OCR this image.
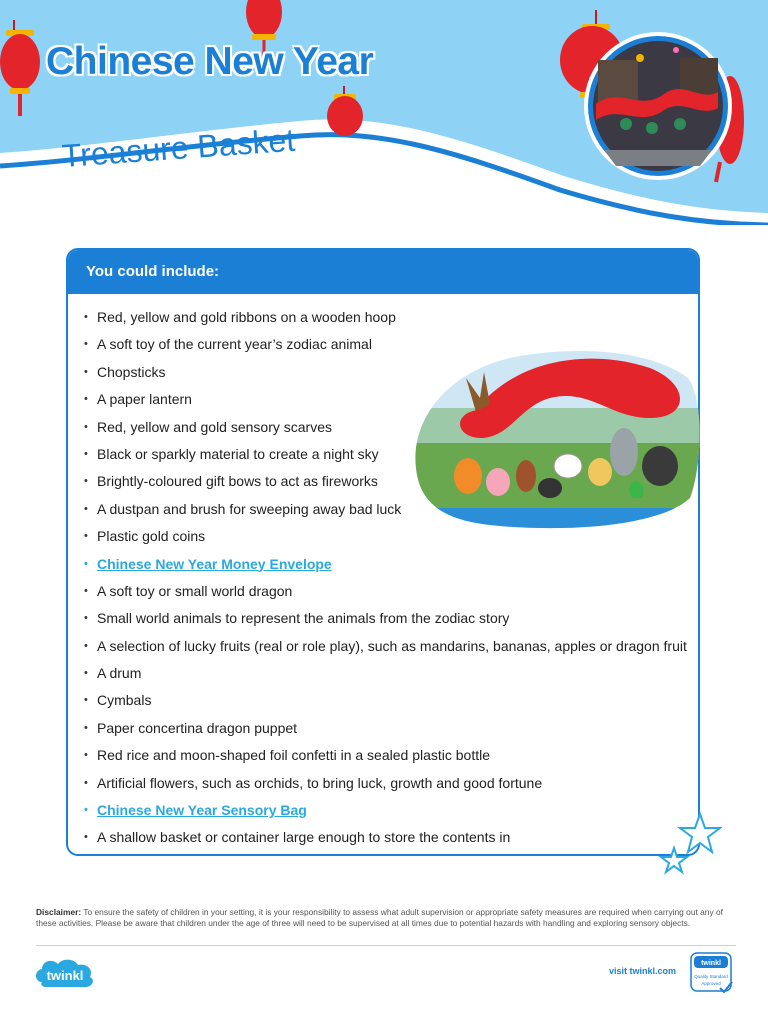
Chinese New Year
Treasure Basket
You could include:
• Red, yellow and gold ribbons on a wooden hoop
• A soft toy of the current year’s zodiac animal
• Chopsticks
• A paper lantern
• Red, yellow and gold sensory scarves
• Black or sparkly material to create a night sky
• Brightly-coloured gift bows to act as fireworks
• A dustpan and brush for sweeping away bad luck
• Plastic gold coins
• Chinese New Year Money Envelope
• A soft toy or small world dragon
• Small world animals to represent the animals from the zodiac story
• A selection of lucky fruits (real or role play), such as mandarins, bananas, apples or dragon fruit
• A drum
• Cymbals
• Paper concertina dragon puppet
• Red rice and moon-shaped foil confetti in a sealed plastic bottle
• Artificial flowers, such as orchids, to bring luck, growth and good fortune
• Chinese New Year Sensory Bag
• A shallow basket or container large enough to store the contents in
Disclaimer: To ensure the safety of children in your setting, it is your responsibility to assess what adult supervision or appropriate safety measures are required when carrying out any of these activities. Please be aware that children under the age of three will need to be supervised at all times due to potential hazards with handling and exploring sensory objects.
twinkl	visit twinkl.com
twinkl
Quality Standard
Approved
